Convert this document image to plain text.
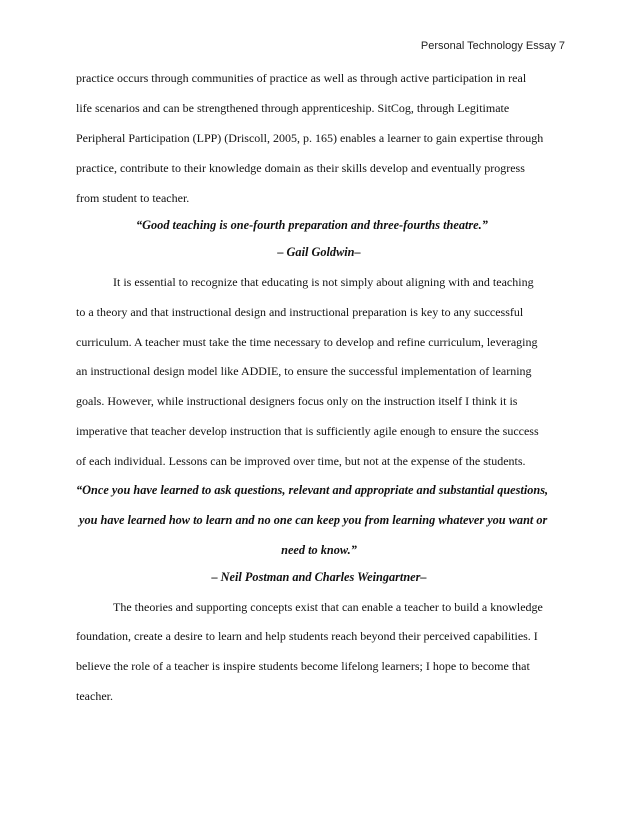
Personal Technology Essay 7
practice occurs through communities of practice as well as through active participation in real
life scenarios and can be strengthened through apprenticeship. SitCog, through Legitimate
Peripheral Participation (LPP) (Driscoll, 2005, p. 165) enables a learner to gain expertise through
practice, contribute to their knowledge domain as their skills develop and eventually progress
from student to teacher.
“Good teaching is one-fourth preparation and three-fourths theatre.”
– Gail Goldwin–
It is essential to recognize that educating is not simply about aligning with and teaching
to a theory and that instructional design and instructional preparation is key to any successful
curriculum. A teacher must take the time necessary to develop and refine curriculum, leveraging
an instructional design model like ADDIE, to ensure the successful implementation of learning
goals. However, while instructional designers focus only on the instruction itself I think it is
imperative that teacher develop instruction that is sufficiently agile enough to ensure the success
of each individual. Lessons can be improved over time, but not at the expense of the students.
“Once you have learned to ask questions, relevant and appropriate and substantial questions,
you have learned how to learn and no one can keep you from learning whatever you want or
need to know.”
– Neil Postman and Charles Weingartner–
The theories and supporting concepts exist that can enable a teacher to build a knowledge
foundation, create a desire to learn and help students reach beyond their perceived capabilities. I
believe the role of a teacher is inspire students become lifelong learners; I hope to become that
teacher.
